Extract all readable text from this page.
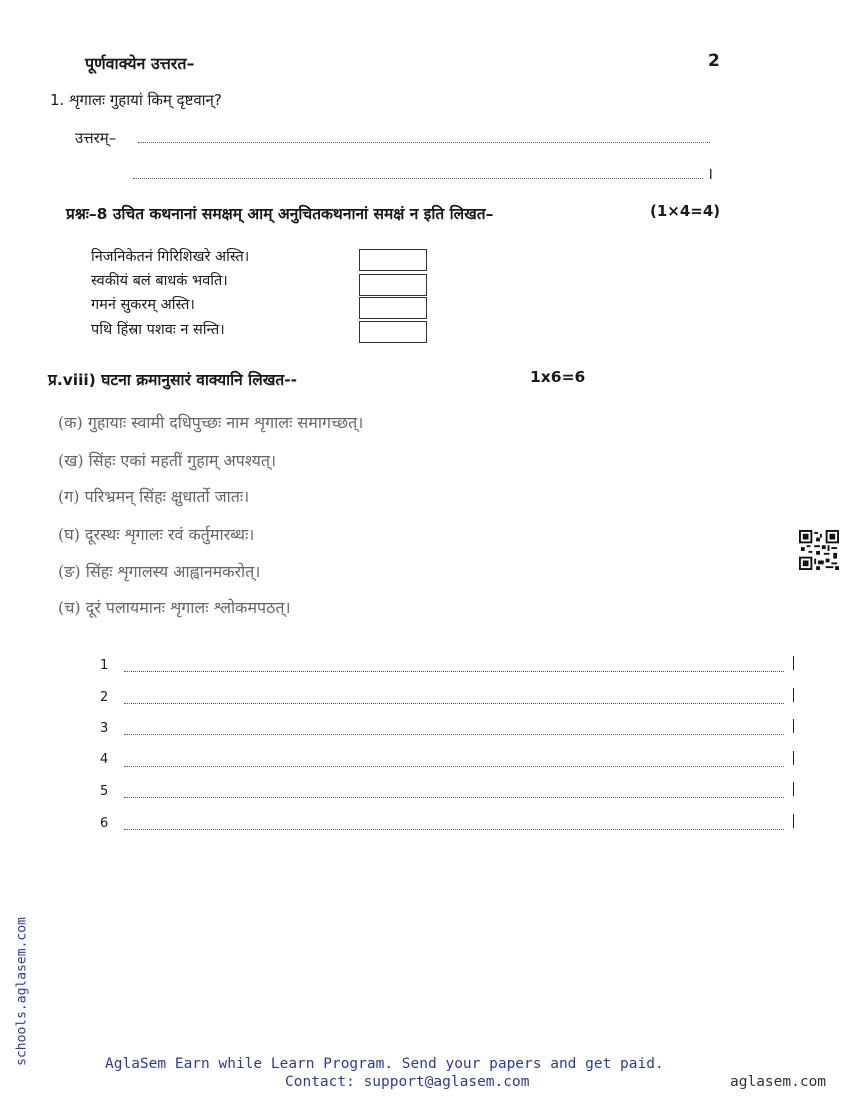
पूर्णवाक्येन उत्तरत–	2
1. शृगालः गुहायां किम् दृष्टवान्?
उत्तरम्–
।
प्रश्नः–8 उचित कथनानां समक्षम् आम् अनुचितकथनानां समक्षं न इति लिखत–	(1×4=4)
निजनिकेतनं गिरिशिखरे अस्ति।
स्वकीयं बलं बाधकं भवति।
गमनं सुकरम् अस्ति।
पथि हिंस्रा पशवः न सन्ति।
प्र.viii) घटना क्रमानुसारं वाक्यानि लिखत--	1x6=6
(क) गुहायाः स्वामी दधिपुच्छः नाम शृगालः समागच्छत्।
(ख) सिंहः एकां महतीं गुहाम् अपश्यत्।
(ग) परिभ्रमन् सिंहः क्षुधार्तो जातः।
(घ) दूरस्थः शृगालः रवं कर्तुमारब्धः।
(ङ) सिंहः शृगालस्य आह्वानमकरोत्।
(च) दूरं पलायमानः शृगालः श्लोकमपठत्।
1
2
3
4
5
6
schools.aglasem.com	AglaSem Earn while Learn Program. Send your papers and get paid.
Contact: support@aglasem.com	aglasem.com
